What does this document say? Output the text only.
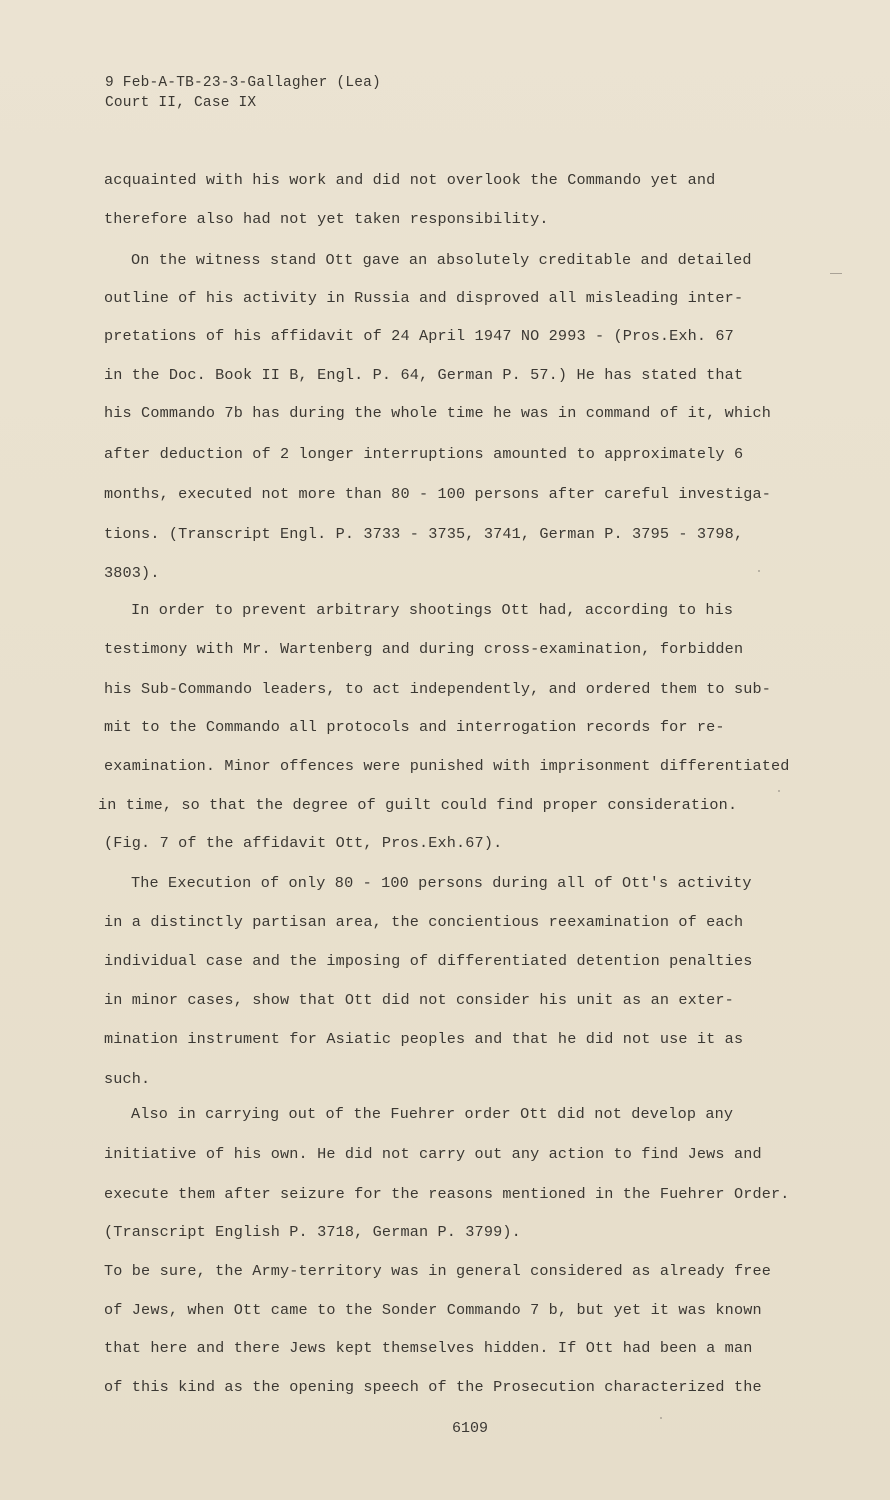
9 Feb-A-TB-23-3-Gallagher (Lea)
Court II, Case IX
acquainted with his work and did not overlook the Commando yet and
therefore also had not yet taken responsibility.
On the witness stand Ott gave an absolutely creditable and detailed
outline of his activity in Russia and disproved all misleading inter-
pretations of his affidavit of 24 April 1947 NO 2993 - (Pros.Exh. 67
in the Doc. Book II B, Engl. P. 64, German P. 57.) He has stated that
his Commando 7b has during the whole time he was in command of it, which
after deduction of 2 longer interruptions amounted to approximately 6
months, executed not more than 80 - 100 persons after careful investiga-
tions. (Transcript Engl. P. 3733 - 3735, 3741, German P. 3795 - 3798,
3803).
In order to prevent arbitrary shootings Ott had, according to his
testimony with Mr. Wartenberg and during cross-examination, forbidden
his Sub-Commando leaders, to act independently, and ordered them to sub-
mit to the Commando all protocols and interrogation records for re-
examination. Minor offences were punished with imprisonment differentiated
in time, so that the degree of guilt could find proper consideration.
(Fig. 7 of the affidavit Ott, Pros.Exh.67).
The Execution of only 80 - 100 persons during all of Ott's activity
in a distinctly partisan area, the concientious reexamination of each
individual case and the imposing of differentiated detention penalties
in minor cases, show that Ott did not consider his unit as an exter-
mination instrument for Asiatic peoples and that he did not use it as
such.
Also in carrying out of the Fuehrer order Ott did not develop any
initiative of his own. He did not carry out any action to find Jews and
execute them after seizure for the reasons mentioned in the Fuehrer Order.
(Transcript English P. 3718, German P. 3799).
To be sure, the Army-territory was in general considered as already free
of Jews, when Ott came to the Sonder Commando 7 b, but yet it was known
that here and there Jews kept themselves hidden. If Ott had been a man
of this kind as the opening speech of the Prosecution characterized the
6109
